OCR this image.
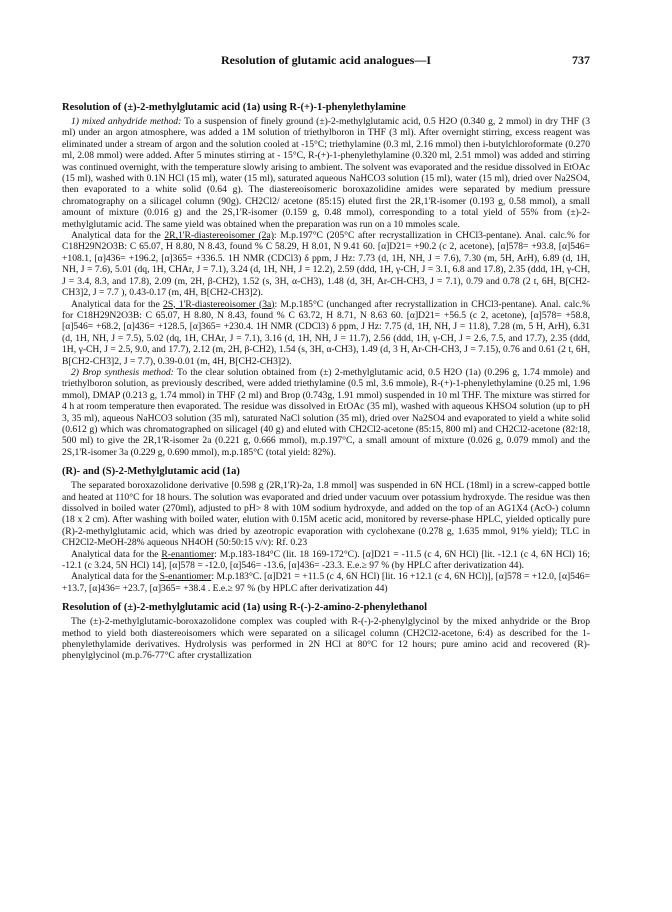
Resolution of glutamic acid analogues—I	737
Resolution of (±)-2-methylglutamic acid (1a) using R-(+)-1-phenylethylamine

1) mixed anhydride method: To a suspension of finely ground (±)-2-methylglutamic acid, 0.5 H2O (0.340 g, 2 mmol) in dry THF (3 ml) under an argon atmosphere, was added a 1M solution of triethylboron in THF (3 ml). After overnight stirring, excess reagent was eliminated under a stream of argon and the solution cooled at -15°C; triethylamine (0.3 ml, 2.16 mmol) then i-butylchloroformate (0.270 ml, 2.08 mmol) were added. After 5 minutes stirring at - 15°C, R-(+)-1-phenylethylamine (0.320 ml, 2.51 mmol) was added and stirring was continued overnight, with the temperature slowly arising to ambient. The solvent was evaporated and the residue dissolved in EtOAc (15 ml), washed with 0.1N HCl (15 ml), water (15 ml), saturated aqueous NaHCO3 solution (15 ml), water (15 ml), dried over Na2SO4, then evaporated to a white solid (0.64 g). The diastereoisomeric boroxazolidine amides were separated by medium pressure chromatography on a silicagel column (90g). CH2Cl2/ acetone (85:15) eluted first the 2R,1'R-isomer (0.193 g, 0.58 mmol), a small amount of mixture (0.016 g) and the 2S,1'R-isomer (0.159 g, 0.48 mmol), corresponding to a total yield of 55% from (±)-2-methylglutamic acid. The same yield was obtained when the preparation was run on a 10 mmoles scale.

Analytical data for the 2R,1'R-diastereoisomer (2a): M.p.197°C (205°C after recrystallization in CHCl3-pentane). Anal. calc.% for C18H29N2O3B: C 65.07, H 8.80, N 8.43, found % C 58.29, H 8.01, N 9.41 60. [α]D21= +90.2 (c 2, acetone), [α]578= +93.8, [α]546= +108.1, [α]436= +196.2, [α]365= +336.5. 1H NMR (CDCl3) δ ppm, J Hz: 7.73 (d, 1H, NH, J = 7.6), 7.30 (m, 5H, ArH), 6.89 (d, 1H, NH, J = 7.6), 5.01 (dq, 1H, CHAr, J = 7.1), 3.24 (d, 1H, NH, J = 12.2), 2.59 (ddd, 1H, γ-CH, J = 3.1, 6.8 and 17.8), 2.35 (ddd, 1H, γ-CH, J = 3.4, 8.3, and 17.8), 2.09 (m, 2H, β-CH2), 1.52 (s, 3H, α-CH3), 1.48 (d, 3H, Ar-CH-CH3, J = 7.1), 0.79 and 0.78 (2 t, 6H, B[CH2-CH3]2, J = 7.7 ), 0.43-0.17 (m, 4H, B[CH2-CH3]2).

Analytical data for the 2S, 1'R-diastereoisomer (3a): M.p.185°C (unchanged after recrystallization in CHCl3-pentane). Anal. calc.% for C18H29N2O3B: C 65.07, H 8.80, N 8.43, found % C 63.72, H 8.71, N 8.63 60. [α]D21= +56.5 (c 2, acetone), [α]578= +58.8, [α]546= +68.2, [α]436= +128.5, [α]365= +230.4. 1H NMR (CDCl3) δ ppm, J Hz: 7.75 (d, 1H, NH, J = 11.8), 7.28 (m, 5 H, ArH), 6.31 (d, 1H, NH, J = 7.5), 5.02 (dq, 1H, CHAr, J = 7.1), 3.16 (d, 1H, NH, J = 11.7), 2.56 (ddd, 1H, γ-CH, J = 2.6, 7.5, and 17.7), 2.35 (ddd, 1H, γ-CH, J = 2.5, 9.0, and 17.7), 2.12 (m, 2H, β-CH2), 1.54 (s, 3H, α-CH3), 1.49 (d, 3 H, Ar-CH-CH3, J = 7.15), 0.76 and 0.61 (2 t, 6H, B[CH2-CH3]2, J = 7.7), 0.39-0.01 (m, 4H, B[CH2-CH3]2).

2) Brop synthesis method: To the clear solution obtained from (±) 2-methylglutamic acid, 0.5 H2O (1a) (0.296 g, 1.74 mmole) and triethylboron solution, as previously described, were added triethylamine (0.5 ml, 3.6 mmole), R-(+)-1-phenylethylamine (0.25 ml, 1.96 mmol), DMAP (0.213 g, 1.74 mmol) in THF (2 ml) and Brop (0.743g, 1.91 mmol) suspended in 10 ml THF. The mixture was stirred for 4 h at room temperature then evaporated. The residue was dissolved in EtOAc (35 ml), washed with aqueous KHSO4 solution (up to pH 3, 35 ml), aqueous NaHCO3 solution (35 ml), saturated NaCl solution (35 ml), dried over Na2SO4 and evaporated to yield a white solid (0.612 g) which was chromatographed on silicagel (40 g) and eluted with CH2Cl2-acetone (85:15, 800 ml) and CH2Cl2-acetone (82:18, 500 ml) to give the 2R,1'R-isomer 2a (0.221 g, 0.666 mmol), m.p.197°C, a small amount of mixture (0.026 g, 0.079 mmol) and the 2S,1'R-isomer 3a (0.229 g, 0.690 mmol), m.p.185°C (total yield: 82%).

(R)- and (S)-2-Methylglutamic acid (1a)

The separated boroxazolidone derivative [0.598 g (2R,1'R)-2a, 1.8 mmol] was suspended in 6N HCL (18ml) in a screw-capped bottle and heated at 110°C for 18 hours. The solution was evaporated and dried under vacuum over potassium hydroxyde. The residue was then dissolved in boiled water (270ml), adjusted to pH> 8 with 10M sodium hydroxyde, and added on the top of an AG1X4 (AcO-) column (18 x 2 cm). After washing with boiled water, elution with 0.15M acetic acid, monitored by reverse-phase HPLC, yielded optically pure (R)-2-methylglutamic acid, which was dried by azeotropic evaporation with cyclohexane (0.278 g, 1.635 mmol, 91% yield); TLC in CH2Cl2-MeOH-28% aqueous NH4OH (50:50:15 v/v): Rf. 0.23

Analytical data for the R-enantiomer: M.p.183-184°C (lit. 18 169-172°C). [α]D21 = -11.5 (c 4, 6N HCl) [lit. -12.1 (c 4, 6N HCl) 16; -12.1 (c 3.24, 5N HCl) 14], [α]578 = -12.0, [α]546= -13.6, [α]436= -23.3. E.e.≥ 97 % (by HPLC after derivatization 44).

Analytical data for the S-enantiomer: M.p.183°C. [α]D21 = +11.5 (c 4, 6N HCl) [lit. 16 +12.1 (c 4, 6N HCl)], [α]578 = +12.0, [α]546= +13.7, [α]436= +23.7, [α]365= +38.4 . E.e.≥ 97 % (by HPLC after derivatization 44)

Resolution of (±)-2-methylglutamic acid (1a) using R-(-)-2-amino-2-phenylethanol

The (±)-2-methylglutamic-boroxazolidone complex was coupled with R-(-)-2-phenylglycinol by the mixed anhydride or the Brop method to yield both diastereoisomers which were separated on a silicagel column (CH2Cl2-acetone, 6:4) as described for the 1-phenylethylamide derivatives. Hydrolysis was performed in 2N HCl at 80°C for 12 hours; pure amino acid and recovered (R)-phenylglycinol (m.p.76-77°C after crystallization
